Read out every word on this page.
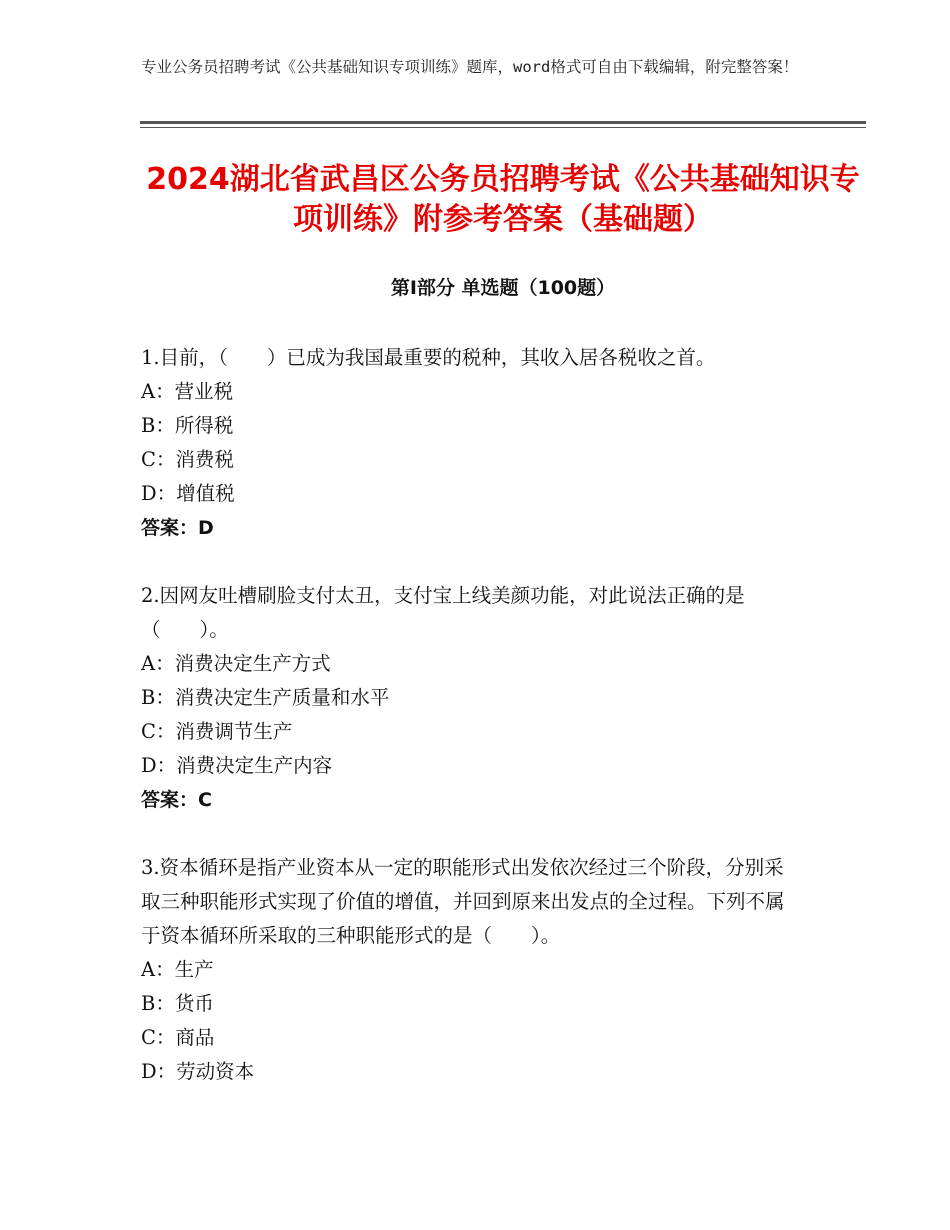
专业公务员招聘考试《公共基础知识专项训练》题库，word格式可自由下载编辑，附完整答案！
2024湖北省武昌区公务员招聘考试《公共基础知识专项训练》附参考答案（基础题）
第Ⅰ部分 单选题（100题）
1.目前，（　　）已成为我国最重要的税种，其收入居各税收之首。
A：营业税
B：所得税
C：消费税
D：增值税
答案：D
2.因网友吐槽刷脸支付太丑，支付宝上线美颜功能，对此说法正确的是（　　）。
A：消费决定生产方式
B：消费决定生产质量和水平
C：消费调节生产
D：消费决定生产内容
答案：C
3.资本循环是指产业资本从一定的职能形式出发依次经过三个阶段，分别采取三种职能形式实现了价值的增值，并回到原来出发点的全过程。下列不属于资本循环所采取的三种职能形式的是（　　）。
A：生产
B：货币
C：商品
D：劳动资本
